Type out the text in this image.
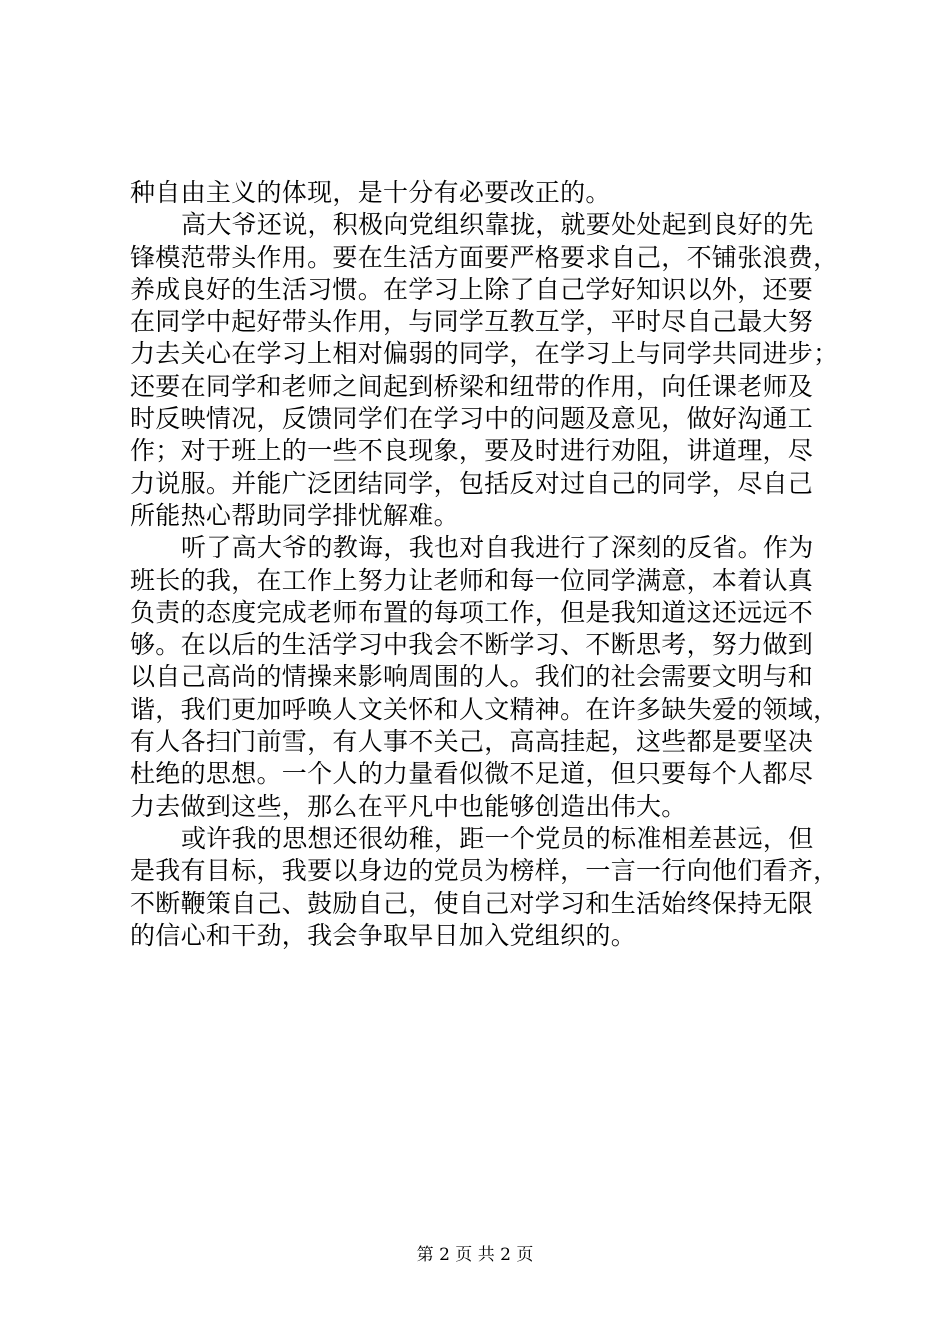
种自由主义的体现，是十分有必要改正的。
高大爷还说，积极向党组织靠拢，就要处处起到良好的先
锋模范带头作用。要在生活方面要严格要求自己，不铺张浪费，
养成良好的生活习惯。在学习上除了自己学好知识以外，还要
在同学中起好带头作用，与同学互教互学，平时尽自己最大努
力去关心在学习上相对偏弱的同学，在学习上与同学共同进步；
还要在同学和老师之间起到桥梁和纽带的作用，向任课老师及
时反映情况，反馈同学们在学习中的问题及意见，做好沟通工
作；对于班上的一些不良现象，要及时进行劝阻，讲道理，尽
力说服。并能广泛团结同学，包括反对过自己的同学，尽自己
所能热心帮助同学排忧解难。
听了高大爷的教诲，我也对自我进行了深刻的反省。作为
班长的我，在工作上努力让老师和每一位同学满意，本着认真
负责的态度完成老师布置的每项工作，但是我知道这还远远不
够。在以后的生活学习中我会不断学习、不断思考，努力做到
以自己高尚的情操来影响周围的人。我们的社会需要文明与和
谐，我们更加呼唤人文关怀和人文精神。在许多缺失爱的领域，
有人各扫门前雪，有人事不关己，高高挂起，这些都是要坚决
杜绝的思想。一个人的力量看似微不足道，但只要每个人都尽
力去做到这些，那么在平凡中也能够创造出伟大。
或许我的思想还很幼稚，距一个党员的标准相差甚远，但
是我有目标，我要以身边的党员为榜样，一言一行向他们看齐，
不断鞭策自己、鼓励自己，使自己对学习和生活始终保持无限
的信心和干劲，我会争取早日加入党组织的。
第 2 页 共 2 页
